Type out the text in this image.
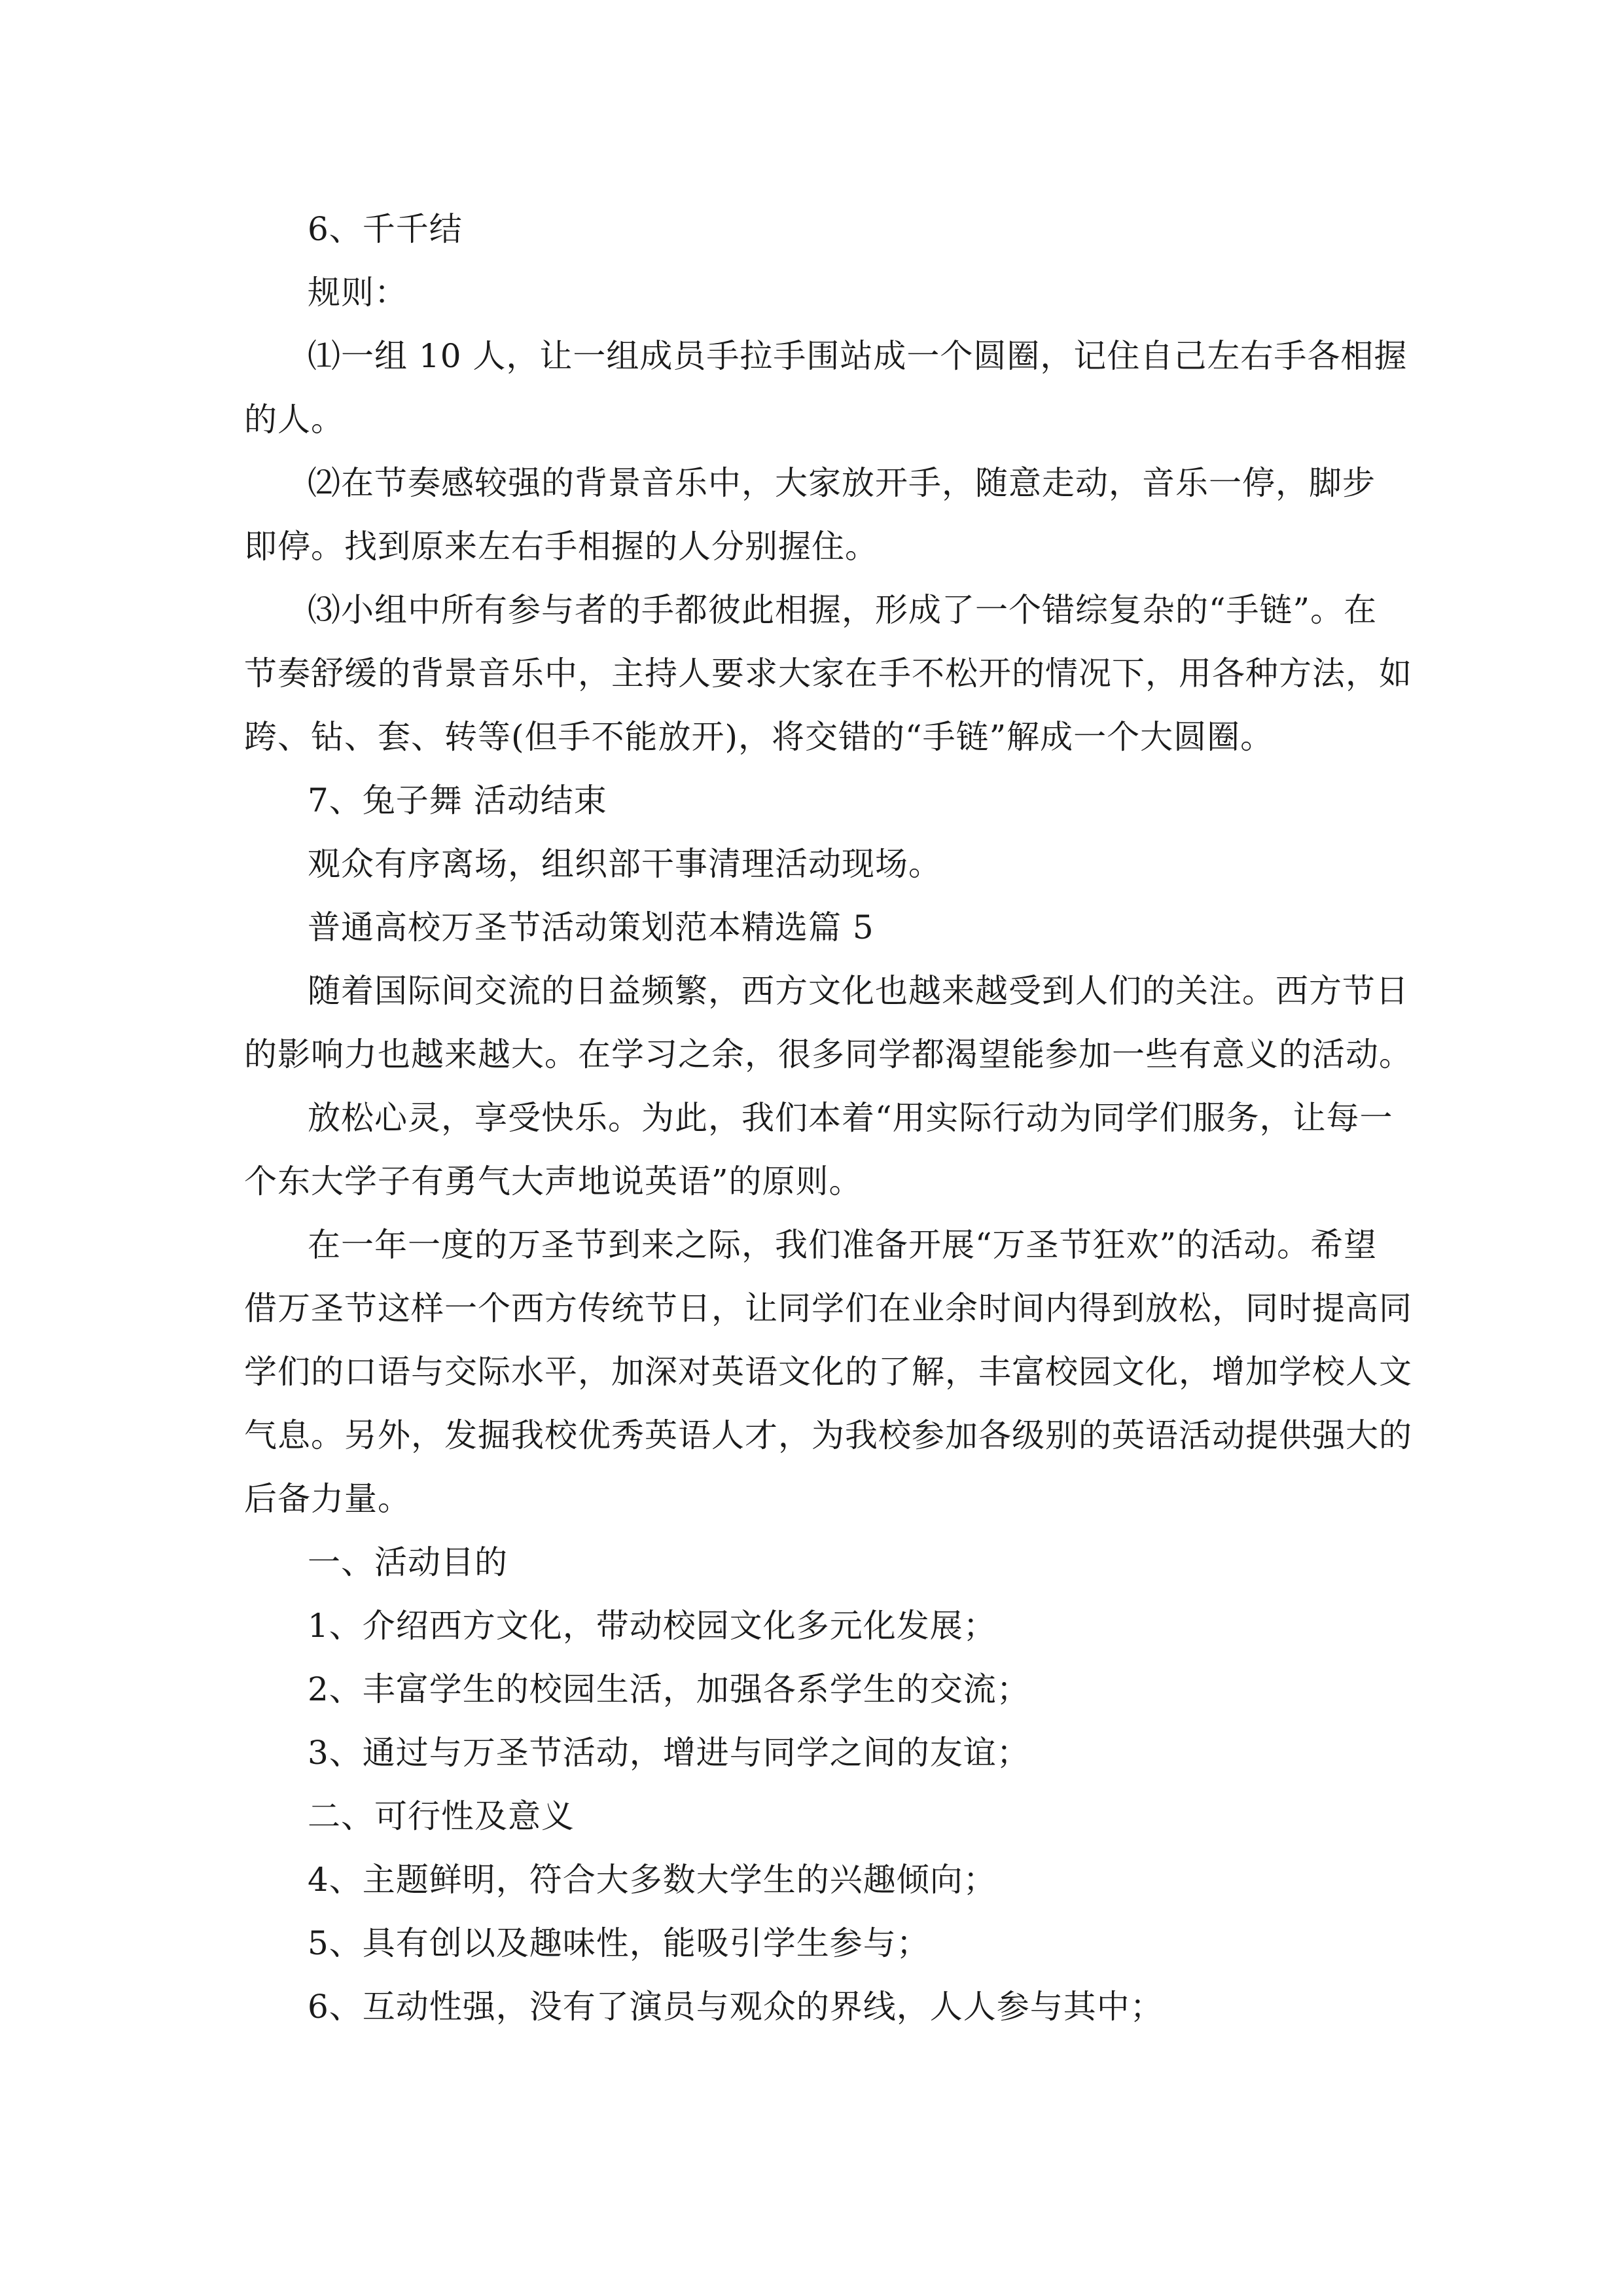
6、千千结
规则：
⑴一组 10 人，让一组成员手拉手围站成一个圆圈，记住自己左右手各相握
的人。
⑵在节奏感较强的背景音乐中，大家放开手，随意走动，音乐一停，脚步
即停。找到原来左右手相握的人分别握住。
⑶小组中所有参与者的手都彼此相握，形成了一个错综复杂的“手链”。在
节奏舒缓的背景音乐中，主持人要求大家在手不松开的情况下，用各种方法，如
跨、钻、套、转等(但手不能放开)，将交错的“手链”解成一个大圆圈。
7、兔子舞 活动结束
观众有序离场，组织部干事清理活动现场。
普通高校万圣节活动策划范本精选篇 5
随着国际间交流的日益频繁，西方文化也越来越受到人们的关注。西方节日
的影响力也越来越大。在学习之余，很多同学都渴望能参加一些有意义的活动。
放松心灵，享受快乐。为此，我们本着“用实际行动为同学们服务，让每一
个东大学子有勇气大声地说英语”的原则。
在一年一度的万圣节到来之际，我们准备开展“万圣节狂欢”的活动。希望
借万圣节这样一个西方传统节日，让同学们在业余时间内得到放松，同时提高同
学们的口语与交际水平，加深对英语文化的了解，丰富校园文化，增加学校人文
气息。另外，发掘我校优秀英语人才，为我校参加各级别的英语活动提供强大的
后备力量。
一、活动目的
1、介绍西方文化，带动校园文化多元化发展；
2、丰富学生的校园生活，加强各系学生的交流；
3、通过与万圣节活动，增进与同学之间的友谊；
二、可行性及意义
4、主题鲜明，符合大多数大学生的兴趣倾向；
5、具有创以及趣味性，能吸引学生参与；
6、互动性强，没有了演员与观众的界线，人人参与其中；
